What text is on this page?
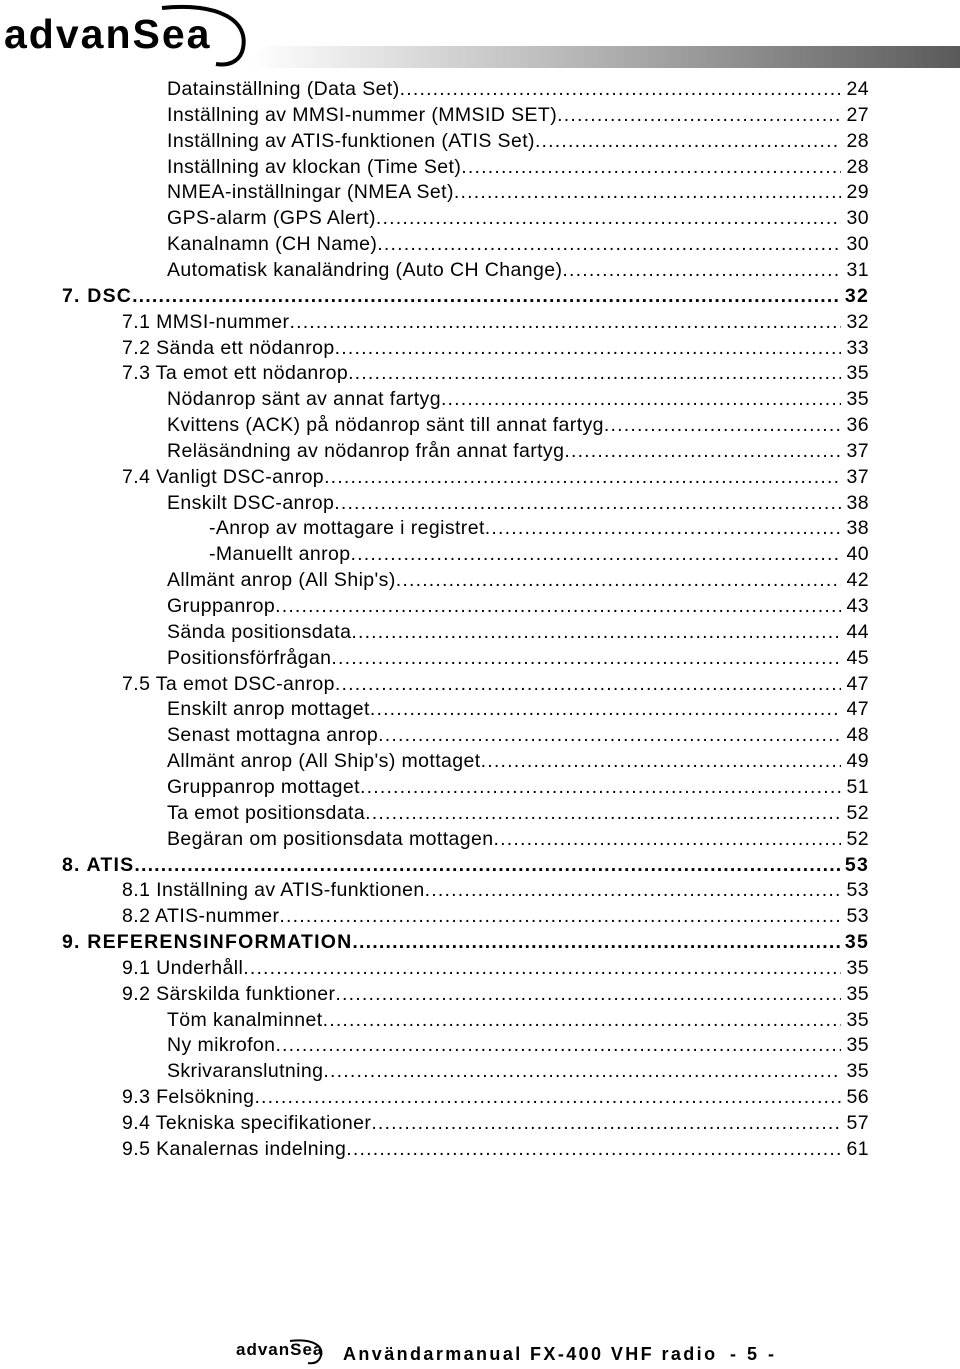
advanSea
Datainställning (Data Set) .....	24
Inställning av MMSI-nummer (MMSID SET) .....	27
Inställning av ATIS-funktionen (ATIS Set) .....	28
Inställning av klockan (Time Set) .....	28
NMEA-inställningar (NMEA Set) .....	29
GPS-alarm (GPS Alert) .....	30
Kanalnamn (CH Name) .....	30
Automatisk kanaländring (Auto CH Change) .....	31
7. DSC .....	32
7.1 MMSI-nummer .....	32
7.2 Sända ett nödanrop .....	33
7.3 Ta emot ett nödanrop .....	35
Nödanrop sänt av annat fartyg .....	35
Kvittens (ACK) på nödanrop sänt till annat fartyg .....	36
Reläsändning av nödanrop från annat fartyg .....	37
7.4 Vanligt DSC-anrop .....	37
Enskilt DSC-anrop .....	38
-Anrop av mottagare i registret .....	38
-Manuellt anrop .....	40
Allmänt anrop (All Ship's) .....	42
Gruppanrop .....	43
Sända positionsdata .....	44
Positionsförfrågan .....	45
7.5 Ta emot DSC-anrop .....	47
Enskilt anrop mottaget .....	47
Senast mottagna anrop .....	48
Allmänt anrop (All Ship's) mottaget .....	49
Gruppanrop mottaget .....	51
Ta emot positionsdata .....	52
Begäran om positionsdata mottagen .....	52
8. ATIS .....	53
8.1 Inställning av ATIS-funktionen .....	53
8.2 ATIS-nummer .....	53
9. REFERENSINFORMATION .....	35
9.1 Underhåll .....	35
9.2 Särskilda funktioner .....	35
Töm kanalminnet .....	35
Ny mikrofon .....	35
Skrivaranslutning .....	35
9.3 Felsökning .....	56
9.4 Tekniska specifikationer .....	57
9.5 Kanalernas indelning .....	61
advanSea Användarmanual FX-400 VHF radio - 5 -
